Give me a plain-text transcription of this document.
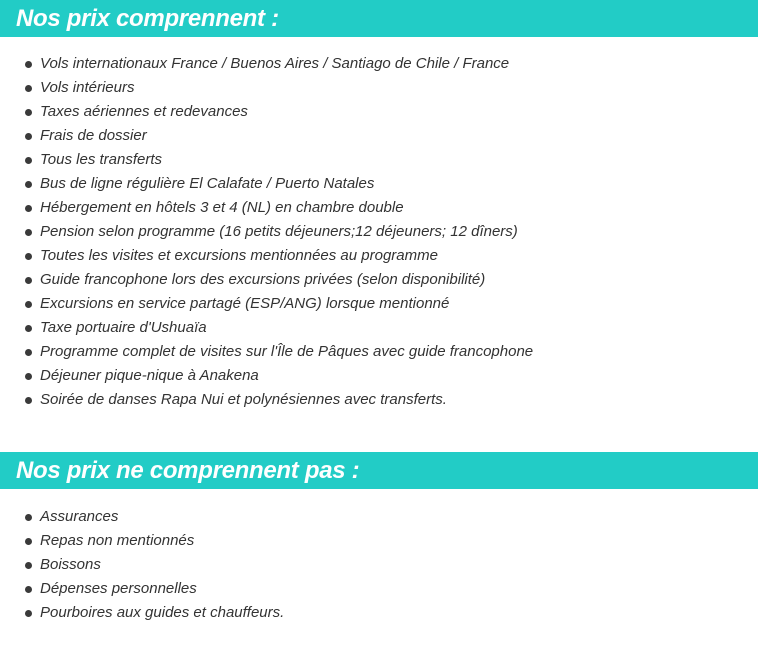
Nos prix comprennent :
Vols internationaux France / Buenos Aires / Santiago de Chile / France
Vols intérieurs
Taxes aériennes et redevances
Frais de dossier
Tous les transferts
Bus de ligne régulière El Calafate / Puerto Natales
Hébergement en hôtels 3 et 4 (NL) en chambre double
Pension selon programme (16 petits déjeuners;12 déjeuners; 12 dîners)
Toutes les visites et excursions mentionnées au programme
Guide francophone lors des excursions privées (selon disponibilité)
Excursions en service partagé (ESP/ANG) lorsque mentionné
Taxe portuaire d'Ushuaïa
Programme complet de visites sur l'Île de Pâques avec guide francophone
Déjeuner pique-nique à Anakena
Soirée de danses Rapa Nui et polynésiennes avec transferts.
Nos prix ne comprennent pas :
Assurances
Repas non mentionnés
Boissons
Dépenses personnelles
Pourboires aux guides et chauffeurs.
